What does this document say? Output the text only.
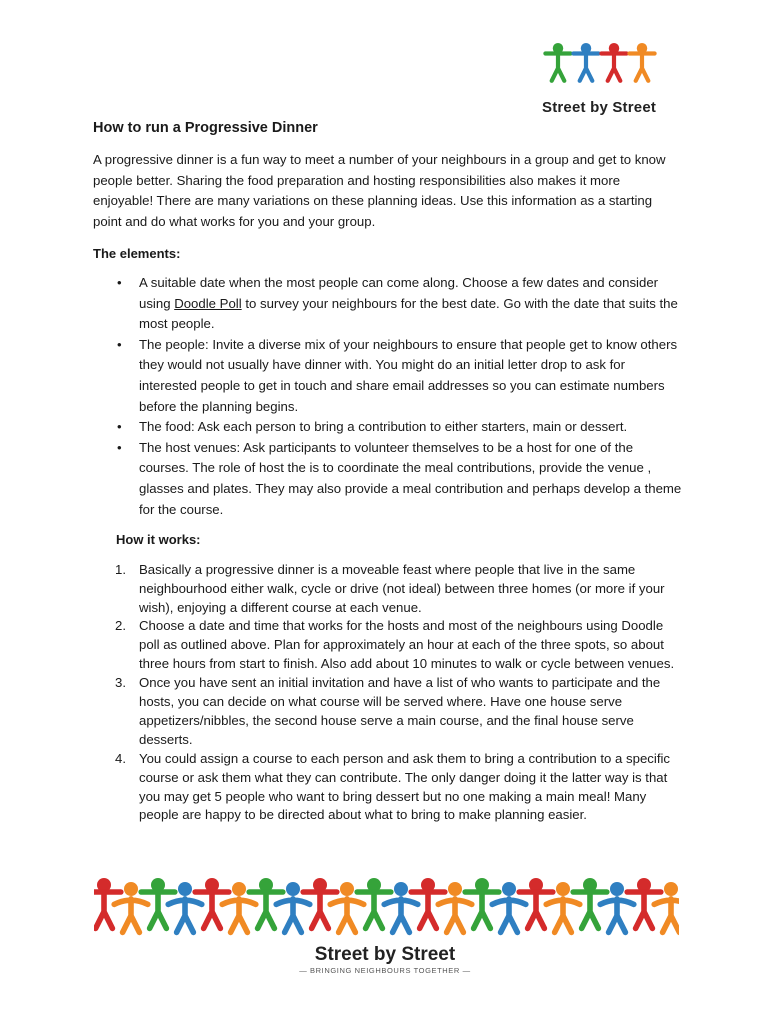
Street by Street
How to run a Progressive Dinner

A progressive dinner is a fun way to meet a number of your neighbours in a group and get to know people better. Sharing the food preparation and hosting responsibilities also makes it more enjoyable! There are many variations on these planning ideas. Use this information as a starting point and do what works for you and your group.

The elements:
• A suitable date when the most people can come along. Choose a few dates and consider using Doodle Poll to survey your neighbours for the best date. Go with the date that suits the most people.
• The people: Invite a diverse mix of your neighbours to ensure that people get to know others they would not usually have dinner with. You might do an initial letter drop to ask for interested people to get in touch and share email addresses so you can estimate numbers before the planning begins.
• The food: Ask each person to bring a contribution to either starters, main or dessert.
• The host venues: Ask participants to volunteer themselves to be a host for one of the courses. The role of host the is to coordinate the meal contributions, provide the venue , glasses and plates. They may also provide a meal contribution and perhaps develop a theme for the course.
How it works:
1. Basically a progressive dinner is a moveable feast where people that live in the same neighbourhood either walk, cycle or drive (not ideal) between three homes (or more if your wish), enjoying a different course at each venue.
2. Choose a date and time that works for the hosts and most of the neighbours using Doodle poll as outlined above. Plan for approximately an hour at each of the three spots, so about three hours from start to finish. Also add about 10 minutes to walk or cycle between venues.
3. Once you have sent an initial invitation and have a list of who wants to participate and the hosts, you can decide on what course will be served where. Have one house serve appetizers/nibbles, the second house serve a main course, and the final house serve desserts.
4. You could assign a course to each person and ask them to bring a contribution to a specific course or ask them what they can contribute. The only danger doing it the latter way is that you may get 5 people who want to bring dessert but no one making a main meal! Many people are happy to be directed about what to bring to make planning easier.
Street by Street
— BRINGING NEIGHBOURS TOGETHER —
